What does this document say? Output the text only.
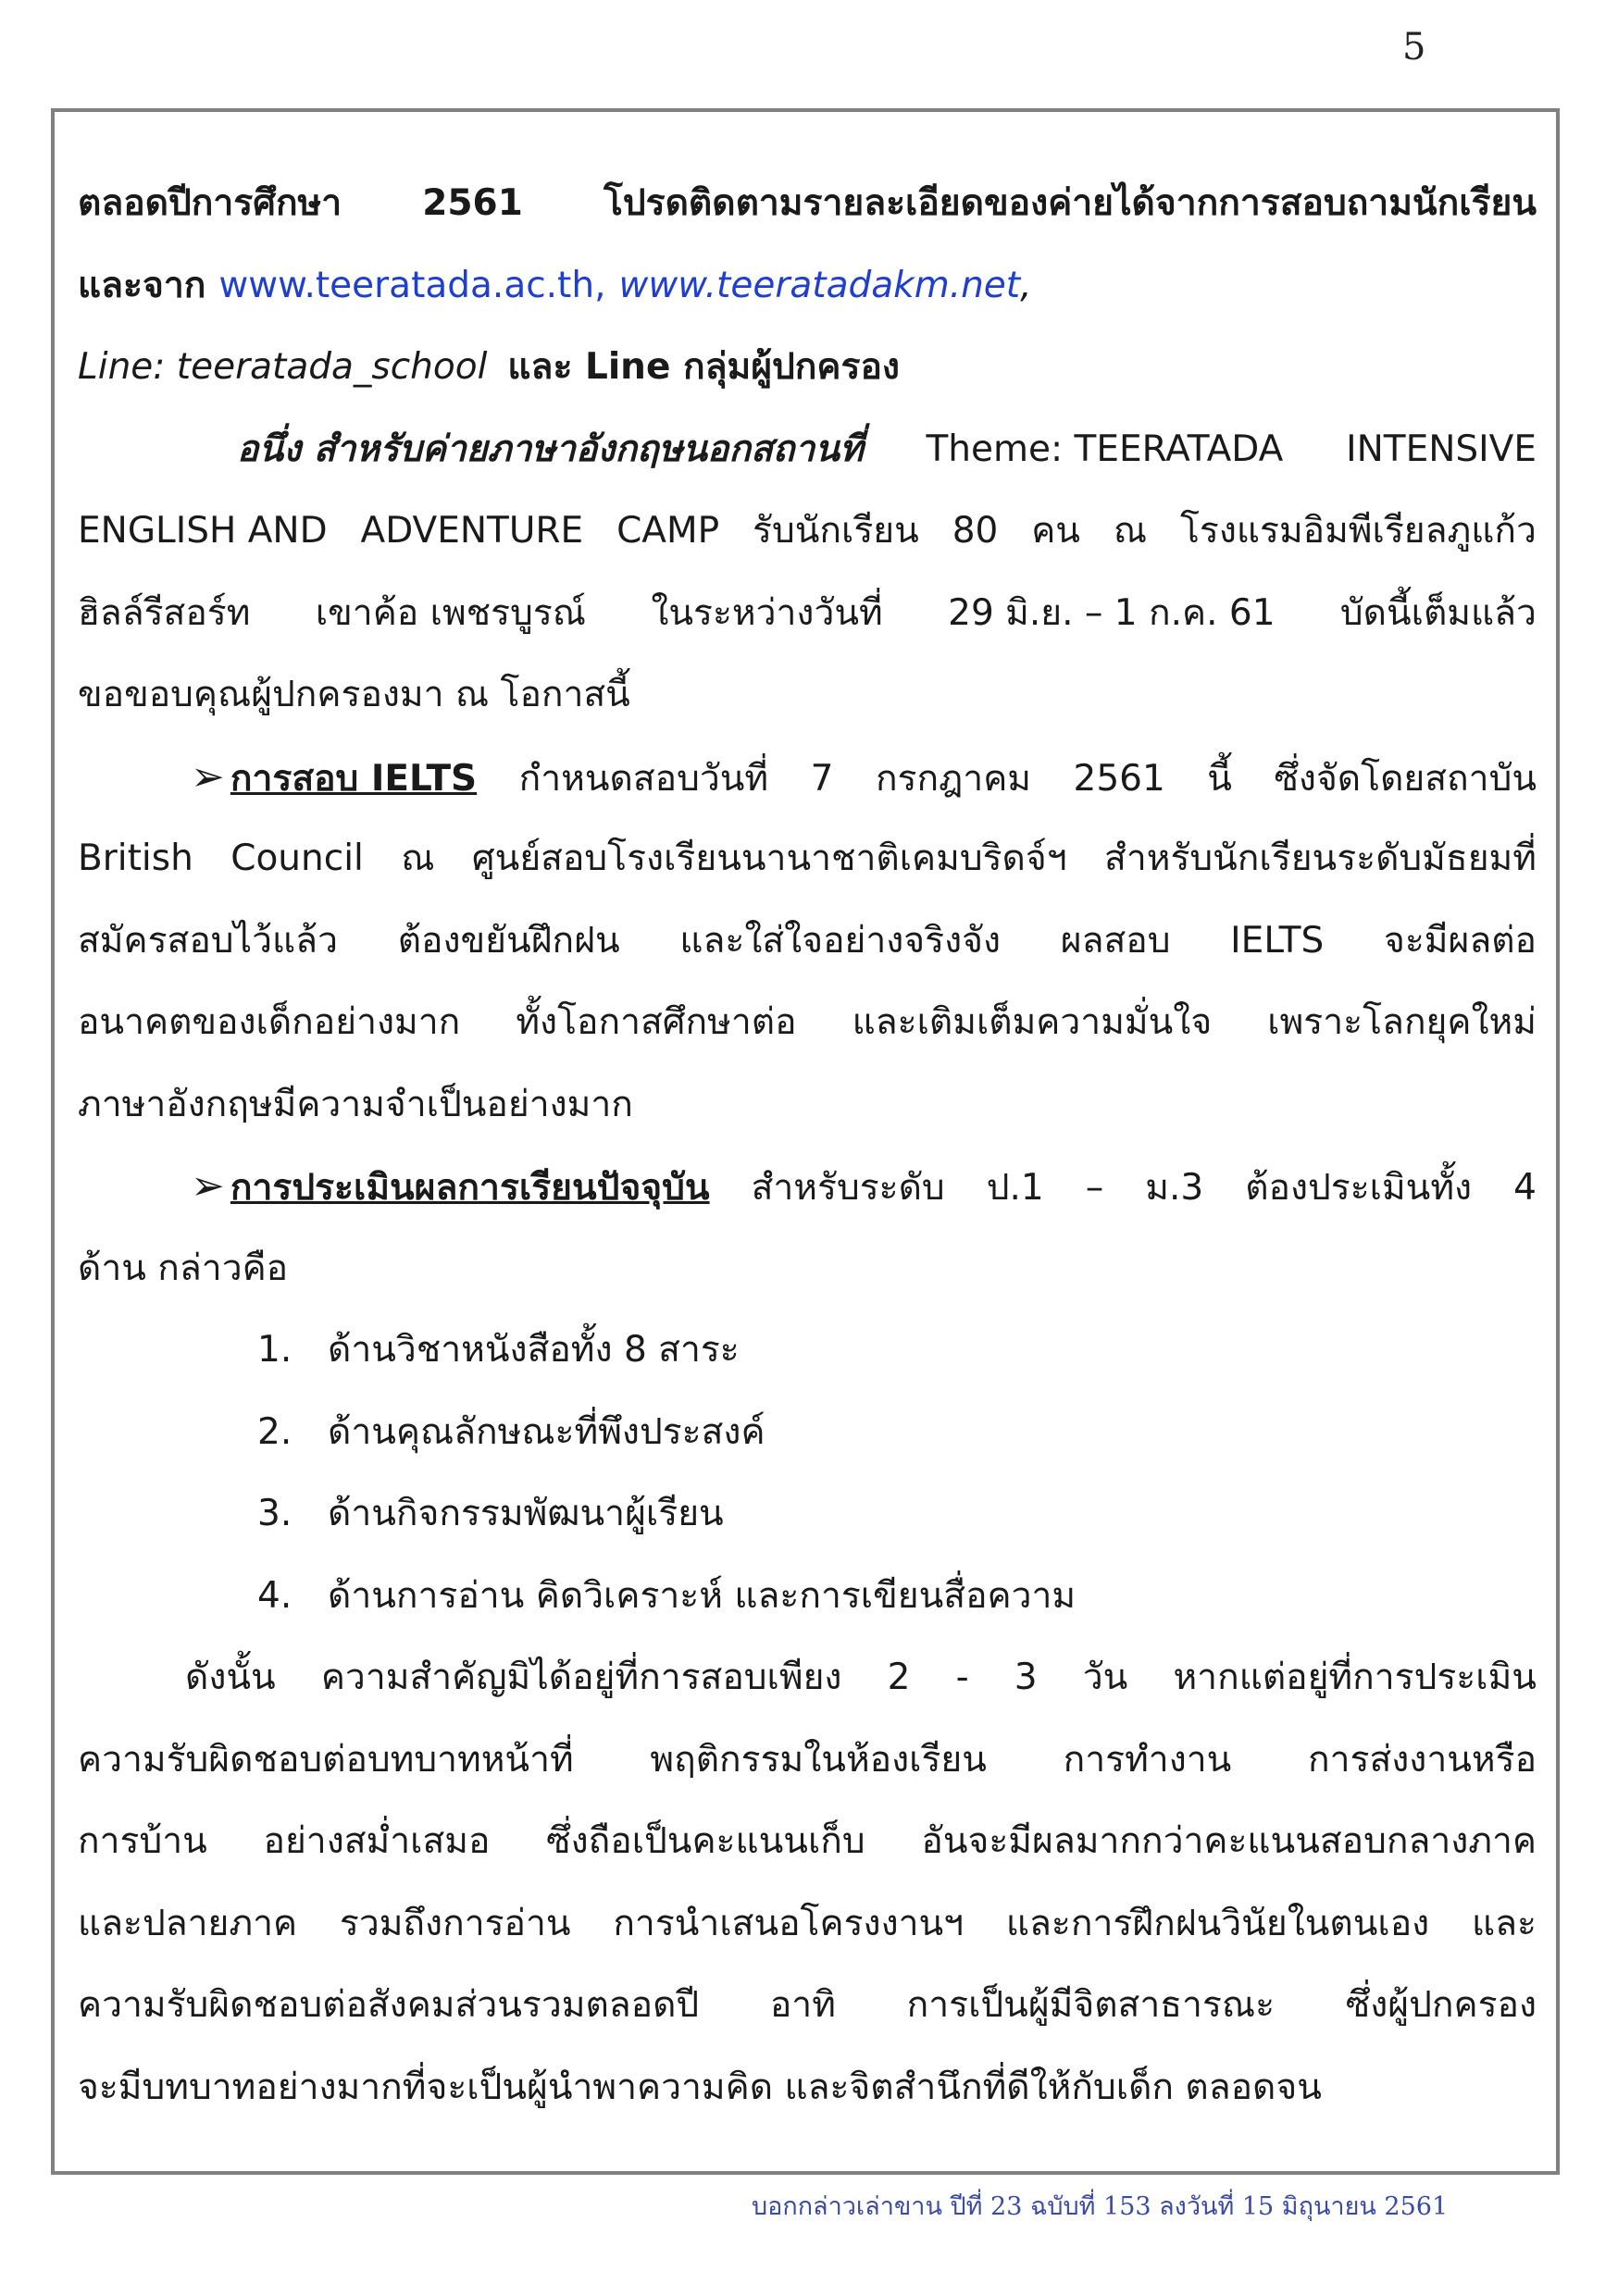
5
ตลอดปีการศึกษา 2561 โปรดติดตามรายละเอียดของค่ายได้จากการสอบถามนักเรียน
และจาก www.teeratada.ac.th, www.teeratadakm.net,
Line: teeratada_school และ Line กลุ่มผู้ปกครอง
อนึ่ง สำหรับค่ายภาษาอังกฤษนอกสถานที่ Theme: TEERATADA INTENSIVE
ENGLISH AND ADVENTURE CAMP รับนักเรียน 80 คน ณ โรงแรมอิมพีเรียลภูแก้ว
ฮิลล์รีสอร์ท เขาค้อ เพชรบูรณ์ ในระหว่างวันที่ 29 มิ.ย. – 1 ก.ค. 61 บัดนี้เต็มแล้ว
ขอขอบคุณผู้ปกครองมา ณ โอกาสนี้
➢ การสอบ IELTS กำหนดสอบวันที่ 7 กรกฎาคม 2561 นี้ ซึ่งจัดโดยสถาบัน
British Council ณ ศูนย์สอบโรงเรียนนานาชาติเคมบริดจ์ฯ สำหรับนักเรียนระดับมัธยมที่
สมัครสอบไว้แล้ว ต้องขยันฝึกฝน และใส่ใจอย่างจริงจัง ผลสอบ IELTS จะมีผลต่อ
อนาคตของเด็กอย่างมาก ทั้งโอกาสศึกษาต่อ และเติมเต็มความมั่นใจ เพราะโลกยุคใหม่
ภาษาอังกฤษมีความจำเป็นอย่างมาก
➢ การประเมินผลการเรียนปัจจุบัน สำหรับระดับ ป.1 – ม.3 ต้องประเมินทั้ง 4
ด้าน กล่าวคือ
1. ด้านวิชาหนังสือทั้ง 8 สาระ
2. ด้านคุณลักษณะที่พึงประสงค์
3. ด้านกิจกรรมพัฒนาผู้เรียน
4. ด้านการอ่าน คิดวิเคราะห์ และการเขียนสื่อความ
ดังนั้น ความสำคัญมิได้อยู่ที่การสอบเพียง 2 - 3 วัน หากแต่อยู่ที่การประเมิน
ความรับผิดชอบต่อบทบาทหน้าที่ พฤติกรรมในห้องเรียน การทำงาน การส่งงานหรือ
การบ้าน อย่างสม่ำเสมอ ซึ่งถือเป็นคะแนนเก็บ อันจะมีผลมากกว่าคะแนนสอบกลางภาค
และปลายภาค รวมถึงการอ่าน การนำเสนอโครงงานฯ และการฝึกฝนวินัยในตนเอง และ
ความรับผิดชอบต่อสังคมส่วนรวมตลอดปี อาทิ การเป็นผู้มีจิตสาธารณะ ซึ่งผู้ปกครอง
จะมีบทบาทอย่างมากที่จะเป็นผู้นำพาความคิด และจิตสำนึกที่ดีให้กับเด็ก ตลอดจน
บอกกล่าวเล่าขาน ปีที่ 23 ฉบับที่ 153 ลงวันที่ 15 มิถุนายน 2561
